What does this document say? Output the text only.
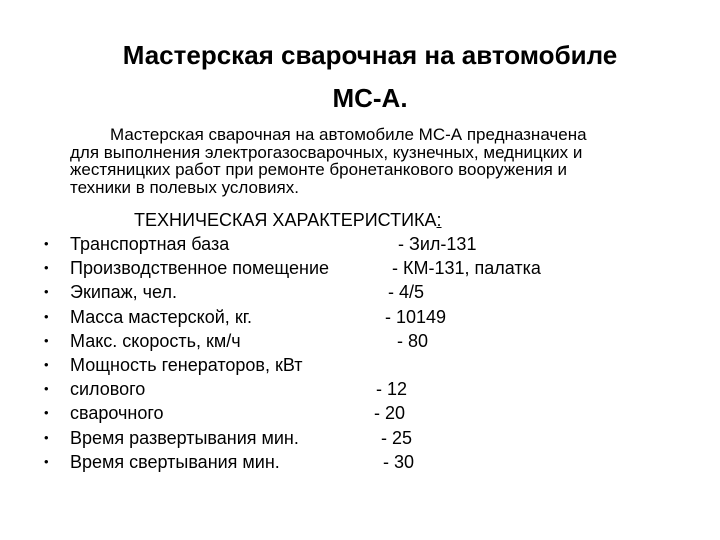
Мастерская сварочная на автомобиле
МС-А.
Мастерская сварочная на автомобиле МС-А предназначена
для выполнения электрогазосварочных, кузнечных, медницких и
жестяницких работ при ремонте бронетанкового вооружения и
техники в полевых условиях.
ТЕХНИЧЕСКАЯ ХАРАКТЕРИСТИКА:
• Транспортная база	- Зил-131
• Производственное помещение	- КМ-131, палатка
• Экипаж, чел.	- 4/5
• Масса мастерской, кг.	- 10149
• Макс. скорость, км/ч	- 80
• Мощность генераторов, кВт
• силового	- 12
• сварочного	- 20
• Время развертывания мин.	- 25
• Время свертывания мин.	- 30
